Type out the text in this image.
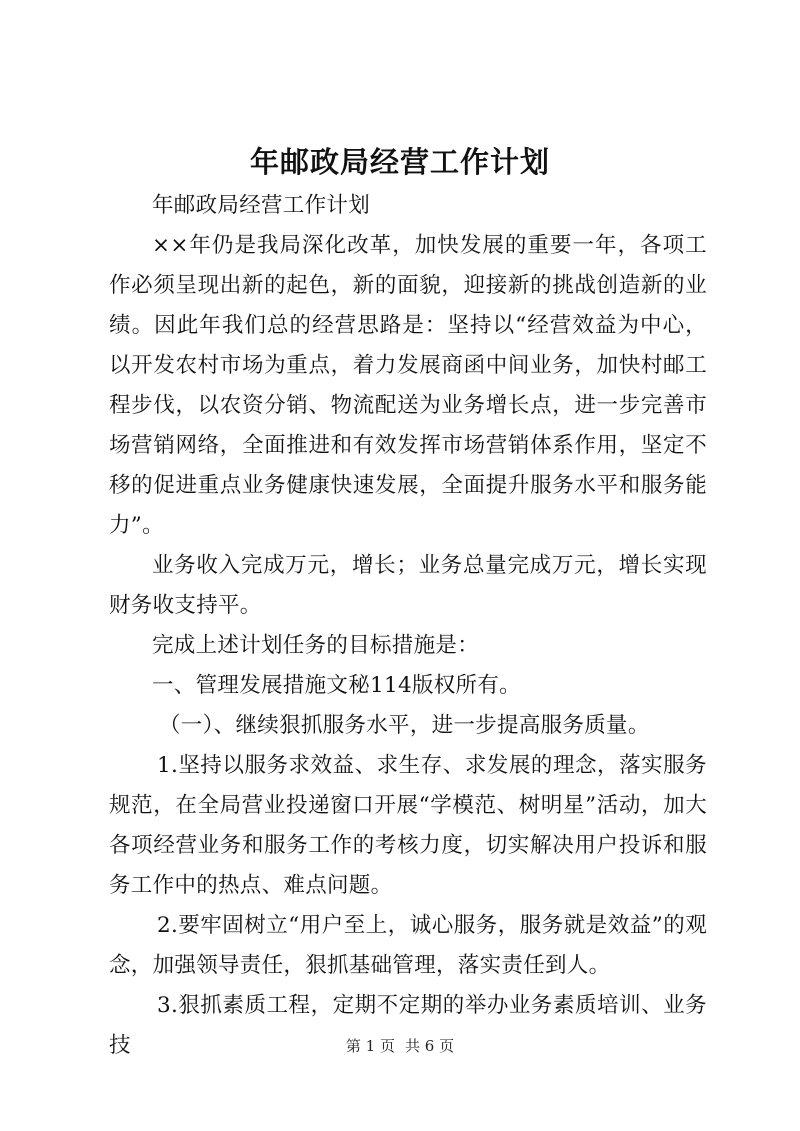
年邮政局经营工作计划

年邮政局经营工作计划

××年仍是我局深化改革，加快发展的重要一年，各项工作必须呈现出新的起色，新的面貌，迎接新的挑战创造新的业绩。因此年我们总的经营思路是：坚持以“经营效益为中心，以开发农村市场为重点，着力发展商函中间业务，加快村邮工程步伐，以农资分销、物流配送为业务增长点，进一步完善市场营销网络，全面推进和有效发挥市场营销体系作用，坚定不移的促进重点业务健康快速发展，全面提升服务水平和服务能力”。

业务收入完成万元，增长；业务总量完成万元，增长实现财务收支持平。

完成上述计划任务的目标措施是：

一、管理发展措施文秘114版权所有。

（一）、继续狠抓服务水平，进一步提高服务质量。

1.坚持以服务求效益、求生存、求发展的理念，落实服务规范，在全局营业投递窗口开展“学模范、树明星”活动，加大各项经营业务和服务工作的考核力度，切实解决用户投诉和服务工作中的热点、难点问题。

2.要牢固树立“用户至上，诚心服务，服务就是效益”的观念，加强领导责任，狠抓基础管理，落实责任到人。

3.狠抓素质工程，定期不定期的举办业务素质培训、业务技	第 1 页 共 6 页
